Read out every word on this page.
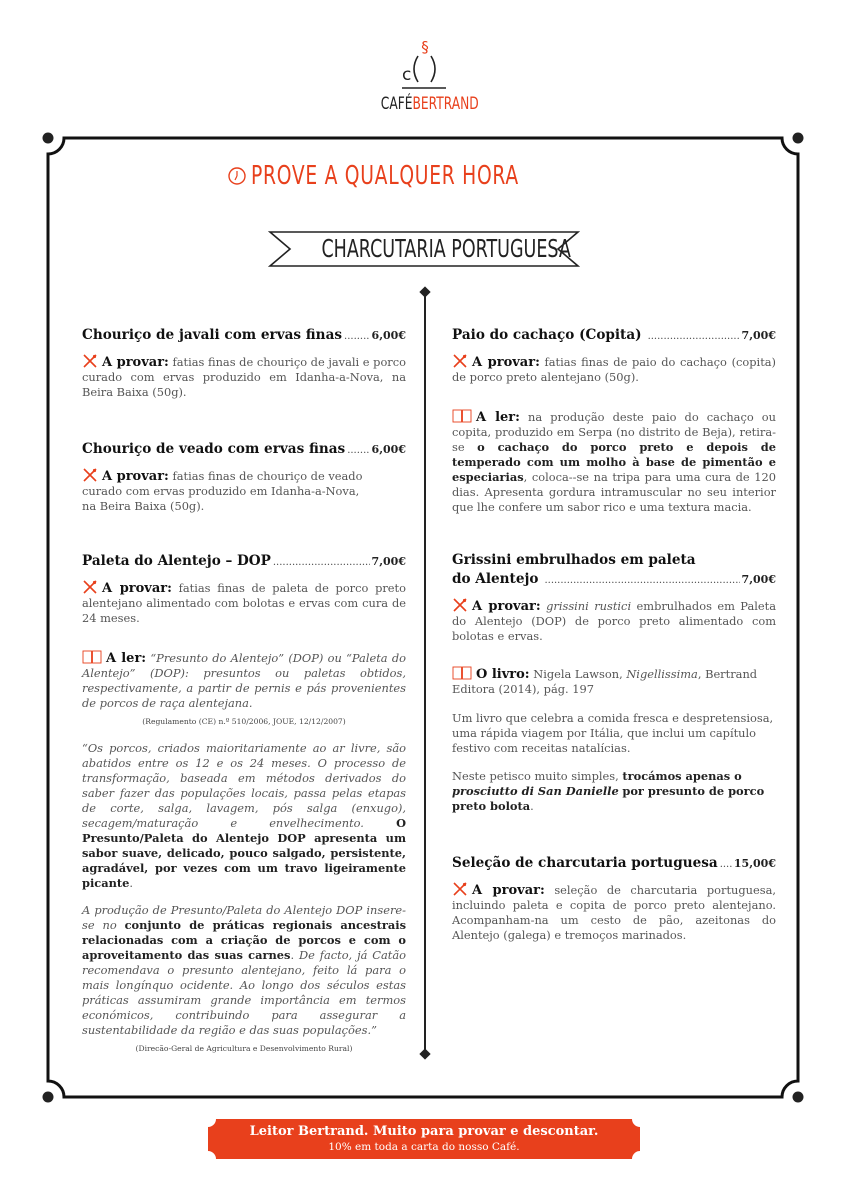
§
c
CAFÉBERTRAND
PROVE A QUALQUER HORA
CHARCUTARIA PORTUGUESA
Chouriço de javali com ervas finas .....	6,00€
A provar: fatias finas de chouriço de javali e porco curado com ervas produzido em Idanha-a-Nova, na Beira Baixa (50g).
Chouriço de veado com ervas finas ..... 6,00€
A provar: fatias finas de chouriço de veado curado com ervas produzido em Idanha-a-Nova,
na Beira Baixa (50g).
Paleta do Alentejo – DOP .....	7,00€
A provar: fatias finas de paleta de porco preto alentejano alimentado com bolotas e ervas com cura de 24 meses.
A ler: “Presunto do Alentejo” (DOP) ou “Paleta do Alentejo” (DOP): presuntos ou paletas obtidos, respectivamente, a partir de pernis e pás provenientes de porcos de raça alentejana.
(Regulamento (CE) n.º 510/2006, JOUE, 12/12/2007)
“Os porcos, criados maioritariamente ao ar livre, são abatidos entre os 12 e os 24 meses. O processo de transformação, baseada em métodos derivados do saber fazer das populações locais, passa pelas etapas de corte, salga, lavagem, pós salga (enxugo), secagem/maturação e envelhecimento.	O Presunto/Paleta do Alentejo DOP apresenta um sabor suave, delicado, pouco salgado, persistente, agradável, por vezes com um travo ligeiramente picante.
A produção de Presunto/Paleta do Alentejo DOP insere-se no conjunto de práticas regionais ancestrais relacionadas com a criação de porcos e com o aproveitamento das suas carnes. De facto, já Catão recomendava o presunto alentejano, feito lá para o mais longínquo ocidente. Ao longo dos séculos estas práticas assumiram grande importância em termos económicos, contribuindo para assegurar a sustentabilidade da região e das suas populações.”
(Direcão-Geral de Agricultura e Desenvolvimento Rural)
Paio do cachaço (Copita) .....	7,00€
A provar: fatias finas de paio do cachaço (copita) de porco preto alentejano (50g).
A ler: na produção deste paio do cachaço ou copita, produzido em Serpa (no distrito de Beja), retira-se o cachaço do porco preto e depois de temperado com um molho à base de pimentão e especiarias, coloca--se na tripa para uma cura de 120 dias. Apresenta gordura intramuscular no seu interior que lhe confere um sabor rico e uma textura macia.
Grissini embrulhados em paleta
do Alentejo .....	7,00€
A provar: grissini rustici embrulhados em Paleta do Alentejo (DOP) de porco preto alimentado com bolotas e ervas.
O livro: Nigela Lawson, Nigellissima, Bertrand Editora (2014), pág. 197
Um livro que celebra a comida fresca e despretensiosa, uma rápida viagem por Itália, que inclui um capítulo festivo com receitas natalícias.
Neste petisco muito simples, trocámos apenas o prosciutto di San Danielle por presunto de porco preto bolota.
Seleção de charcutaria portuguesa ..... 15,00€
A provar: seleção de charcutaria portuguesa, incluindo paleta e copita de porco preto alentejano. Acompanham-na um cesto de pão, azeitonas do Alentejo (galega) e tremoços marinados.
Leitor Bertrand. Muito para provar e descontar.
10% em toda a carta do nosso Café.
